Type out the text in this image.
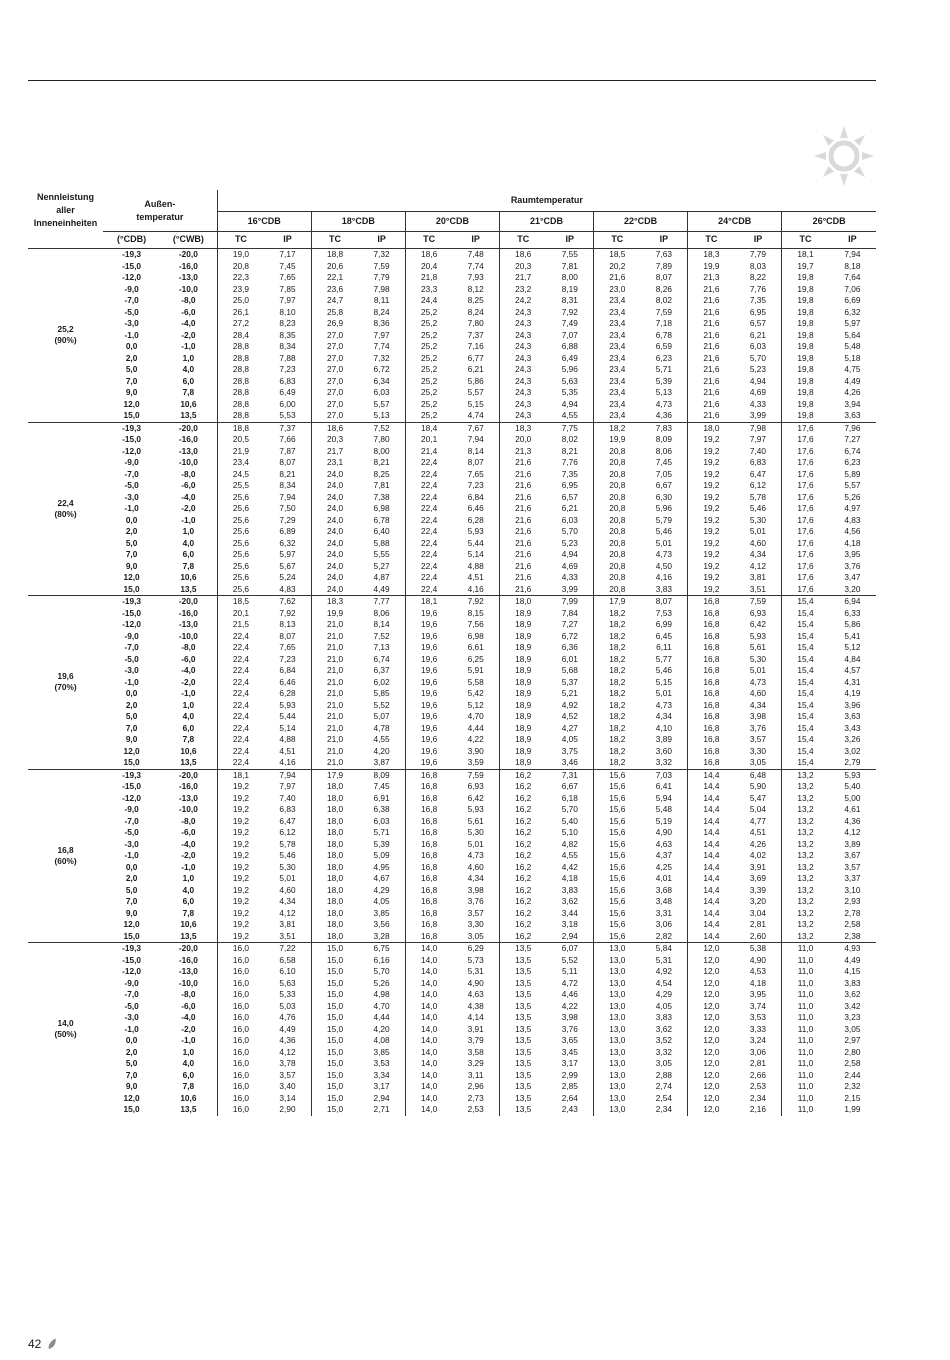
Nennleistung
aller
Inneneinheiten	Außen-
temperatur		Raumtemperatur													
			16°CDB		18°CDB		20°CDB		21°CDB		22°CDB		24°CDB		26°CDB	
	(°CDB)	(°CWB)	TC	IP	TC	IP	TC	IP	TC	IP	TC	IP	TC	IP	TC	IP
25,2
(90%)	-19,3	-20,0	19,0	7,17	18,8	7,32	18,6	7,48	18,6	7,55	18,5	7,63	18,3	7,79	18,1	7,94
	-15,0	-16,0	20,8	7,45	20,6	7,59	20,4	7,74	20,3	7,81	20,2	7,89	19,9	8,03	19,7	8,18
	-12,0	-13,0	22,3	7,65	22,1	7,79	21,8	7,93	21,7	8,00	21,6	8,07	21,3	8,22	19,8	7,64
	-9,0	-10,0	23,9	7,85	23,6	7,98	23,3	8,12	23,2	8,19	23,0	8,26	21,6	7,76	19,8	7,06
	-7,0	-8,0	25,0	7,97	24,7	8,11	24,4	8,25	24,2	8,31	23,4	8,02	21,6	7,35	19,8	6,69
	-5,0	-6,0	26,1	8,10	25,8	8,24	25,2	8,24	24,3	7,92	23,4	7,59	21,6	6,95	19,8	6,32
	-3,0	-4,0	27,2	8,23	26,9	8,36	25,2	7,80	24,3	7,49	23,4	7,18	21,6	6,57	19,8	5,97
	-1,0	-2,0	28,4	8,35	27,0	7,97	25,2	7,37	24,3	7,07	23,4	6,78	21,6	6,21	19,8	5,64
	0,0	-1,0	28,8	8,34	27,0	7,74	25,2	7,16	24,3	6,88	23,4	6,59	21,6	6,03	19,8	5,48
	2,0	1,0	28,8	7,88	27,0	7,32	25,2	6,77	24,3	6,49	23,4	6,23	21,6	5,70	19,8	5,18
	5,0	4,0	28,8	7,23	27,0	6,72	25,2	6,21	24,3	5,96	23,4	5,71	21,6	5,23	19,8	4,75
	7,0	6,0	28,8	6,83	27,0	6,34	25,2	5,86	24,3	5,63	23,4	5,39	21,6	4,94	19,8	4,49
	9,0	7,8	28,8	6,49	27,0	6,03	25,2	5,57	24,3	5,35	23,4	5,13	21,6	4,69	19,8	4,26
	12,0	10,6	28,8	6,00	27,0	5,57	25,2	5,15	24,3	4,94	23,4	4,73	21,6	4,33	19,8	3,94
	15,0	13,5	28,8	5,53	27,0	5,13	25,2	4,74	24,3	4,55	23,4	4,36	21,6	3,99	19,8	3,63
22,4
(80%)	-19,3	-20,0	18,8	7,37	18,6	7,52	18,4	7,67	18,3	7,75	18,2	7,83	18,0	7,98	17,6	7,96
	-15,0	-16,0	20,5	7,66	20,3	7,80	20,1	7,94	20,0	8,02	19,9	8,09	19,2	7,97	17,6	7,27
	-12,0	-13,0	21,9	7,87	21,7	8,00	21,4	8,14	21,3	8,21	20,8	8,06	19,2	7,40	17,6	6,74
	-9,0	-10,0	23,4	8,07	23,1	8,21	22,4	8,07	21,6	7,76	20,8	7,45	19,2	6,83	17,6	6,23
	-7,0	-8,0	24,5	8,21	24,0	8,25	22,4	7,65	21,6	7,35	20,8	7,05	19,2	6,47	17,6	5,89
	-5,0	-6,0	25,5	8,34	24,0	7,81	22,4	7,23	21,6	6,95	20,8	6,67	19,2	6,12	17,6	5,57
	-3,0	-4,0	25,6	7,94	24,0	7,38	22,4	6,84	21,6	6,57	20,8	6,30	19,2	5,78	17,6	5,26
	-1,0	-2,0	25,6	7,50	24,0	6,98	22,4	6,46	21,6	6,21	20,8	5,96	19,2	5,46	17,6	4,97
	0,0	-1,0	25,6	7,29	24,0	6,78	22,4	6,28	21,6	6,03	20,8	5,79	19,2	5,30	17,6	4,83
	2,0	1,0	25,6	6,89	24,0	6,40	22,4	5,93	21,6	5,70	20,8	5,46	19,2	5,01	17,6	4,56
	5,0	4,0	25,6	6,32	24,0	5,88	22,4	5,44	21,6	5,23	20,8	5,01	19,2	4,60	17,6	4,18
	7,0	6,0	25,6	5,97	24,0	5,55	22,4	5,14	21,6	4,94	20,8	4,73	19,2	4,34	17,6	3,95
	9,0	7,8	25,6	5,67	24,0	5,27	22,4	4,88	21,6	4,69	20,8	4,50	19,2	4,12	17,6	3,76
	12,0	10,6	25,6	5,24	24,0	4,87	22,4	4,51	21,6	4,33	20,8	4,16	19,2	3,81	17,6	3,47
	15,0	13,5	25,6	4,83	24,0	4,49	22,4	4,16	21,6	3,99	20,8	3,83	19,2	3,51	17,6	3,20
19,6
(70%)	-19,3	-20,0	18,5	7,62	18,3	7,77	18,1	7,92	18,0	7,99	17,9	8,07	16,8	7,59	15,4	6,94
	-15,0	-16,0	20,1	7,92	19,9	8,06	19,6	8,15	18,9	7,84	18,2	7,53	16,8	6,93	15,4	6,33
	-12,0	-13,0	21,5	8,13	21,0	8,14	19,6	7,56	18,9	7,27	18,2	6,99	16,8	6,42	15,4	5,86
	-9,0	-10,0	22,4	8,07	21,0	7,52	19,6	6,98	18,9	6,72	18,2	6,45	16,8	5,93	15,4	5,41
	-7,0	-8,0	22,4	7,65	21,0	7,13	19,6	6,61	18,9	6,36	18,2	6,11	16,8	5,61	15,4	5,12
	-5,0	-6,0	22,4	7,23	21,0	6,74	19,6	6,25	18,9	6,01	18,2	5,77	16,8	5,30	15,4	4,84
	-3,0	-4,0	22,4	6,84	21,0	6,37	19,6	5,91	18,9	5,68	18,2	5,46	16,8	5,01	15,4	4,57
	-1,0	-2,0	22,4	6,46	21,0	6,02	19,6	5,58	18,9	5,37	18,2	5,15	16,8	4,73	15,4	4,31
	0,0	-1,0	22,4	6,28	21,0	5,85	19,6	5,42	18,9	5,21	18,2	5,01	16,8	4,60	15,4	4,19
	2,0	1,0	22,4	5,93	21,0	5,52	19,6	5,12	18,9	4,92	18,2	4,73	16,8	4,34	15,4	3,96
	5,0	4,0	22,4	5,44	21,0	5,07	19,6	4,70	18,9	4,52	18,2	4,34	16,8	3,98	15,4	3,63
	7,0	6,0	22,4	5,14	21,0	4,78	19,6	4,44	18,9	4,27	18,2	4,10	16,8	3,76	15,4	3,43
	9,0	7,8	22,4	4,88	21,0	4,55	19,6	4,22	18,9	4,05	18,2	3,89	16,8	3,57	15,4	3,26
	12,0	10,6	22,4	4,51	21,0	4,20	19,6	3,90	18,9	3,75	18,2	3,60	16,8	3,30	15,4	3,02
	15,0	13,5	22,4	4,16	21,0	3,87	19,6	3,59	18,9	3,46	18,2	3,32	16,8	3,05	15,4	2,79
16,8
(60%)	-19,3	-20,0	18,1	7,94	17,9	8,09	16,8	7,59	16,2	7,31	15,6	7,03	14,4	6,48	13,2	5,93
	-15,0	-16,0	19,2	7,97	18,0	7,45	16,8	6,93	16,2	6,67	15,6	6,41	14,4	5,90	13,2	5,40
	-12,0	-13,0	19,2	7,40	18,0	6,91	16,8	6,42	16,2	6,18	15,6	5,94	14,4	5,47	13,2	5,00
	-9,0	-10,0	19,2	6,83	18,0	6,38	16,8	5,93	16,2	5,70	15,6	5,48	14,4	5,04	13,2	4,61
	-7,0	-8,0	19,2	6,47	18,0	6,03	16,8	5,61	16,2	5,40	15,6	5,19	14,4	4,77	13,2	4,36
	-5,0	-6,0	19,2	6,12	18,0	5,71	16,8	5,30	16,2	5,10	15,6	4,90	14,4	4,51	13,2	4,12
	-3,0	-4,0	19,2	5,78	18,0	5,39	16,8	5,01	16,2	4,82	15,6	4,63	14,4	4,26	13,2	3,89
	-1,0	-2,0	19,2	5,46	18,0	5,09	16,8	4,73	16,2	4,55	15,6	4,37	14,4	4,02	13,2	3,67
	0,0	-1,0	19,2	5,30	18,0	4,95	16,8	4,60	16,2	4,42	15,6	4,25	14,4	3,91	13,2	3,57
	2,0	1,0	19,2	5,01	18,0	4,67	16,8	4,34	16,2	4,18	15,6	4,01	14,4	3,69	13,2	3,37
	5,0	4,0	19,2	4,60	18,0	4,29	16,8	3,98	16,2	3,83	15,6	3,68	14,4	3,39	13,2	3,10
	7,0	6,0	19,2	4,34	18,0	4,05	16,8	3,76	16,2	3,62	15,6	3,48	14,4	3,20	13,2	2,93
	9,0	7,8	19,2	4,12	18,0	3,85	16,8	3,57	16,2	3,44	15,6	3,31	14,4	3,04	13,2	2,78
	12,0	10,6	19,2	3,81	18,0	3,56	16,8	3,30	16,2	3,18	15,6	3,06	14,4	2,81	13,2	2,58
	15,0	13,5	19,2	3,51	18,0	3,28	16,8	3,05	16,2	2,94	15,6	2,82	14,4	2,60	13,2	2,38
14,0
(50%)	-19,3	-20,0	16,0	7,22	15,0	6,75	14,0	6,29	13,5	6,07	13,0	5,84	12,0	5,38	11,0	4,93
	-15,0	-16,0	16,0	6,58	15,0	6,16	14,0	5,73	13,5	5,52	13,0	5,31	12,0	4,90	11,0	4,49
	-12,0	-13,0	16,0	6,10	15,0	5,70	14,0	5,31	13,5	5,11	13,0	4,92	12,0	4,53	11,0	4,15
	-9,0	-10,0	16,0	5,63	15,0	5,26	14,0	4,90	13,5	4,72	13,0	4,54	12,0	4,18	11,0	3,83
	-7,0	-8,0	16,0	5,33	15,0	4,98	14,0	4,63	13,5	4,46	13,0	4,29	12,0	3,95	11,0	3,62
	-5,0	-6,0	16,0	5,03	15,0	4,70	14,0	4,38	13,5	4,22	13,0	4,05	12,0	3,74	11,0	3,42
	-3,0	-4,0	16,0	4,76	15,0	4,44	14,0	4,14	13,5	3,98	13,0	3,83	12,0	3,53	11,0	3,23
	-1,0	-2,0	16,0	4,49	15,0	4,20	14,0	3,91	13,5	3,76	13,0	3,62	12,0	3,33	11,0	3,05
	0,0	-1,0	16,0	4,36	15,0	4,08	14,0	3,79	13,5	3,65	13,0	3,52	12,0	3,24	11,0	2,97
	2,0	1,0	16,0	4,12	15,0	3,85	14,0	3,58	13,5	3,45	13,0	3,32	12,0	3,06	11,0	2,80
	5,0	4,0	16,0	3,78	15,0	3,53	14,0	3,29	13,5	3,17	13,0	3,05	12,0	2,81	11,0	2,58
	7,0	6,0	16,0	3,57	15,0	3,34	14,0	3,11	13,5	2,99	13,0	2,88	12,0	2,66	11,0	2,44
	9,0	7,8	16,0	3,40	15,0	3,17	14,0	2,96	13,5	2,85	13,0	2,74	12,0	2,53	11,0	2,32
	12,0	10,6	16,0	3,14	15,0	2,94	14,0	2,73	13,5	2,64	13,0	2,54	12,0	2,34	11,0	2,15
	15,0	13,5	16,0	2,90	15,0	2,71	14,0	2,53	13,5	2,43	13,0	2,34	12,0	2,16	11,0	1,99
42
